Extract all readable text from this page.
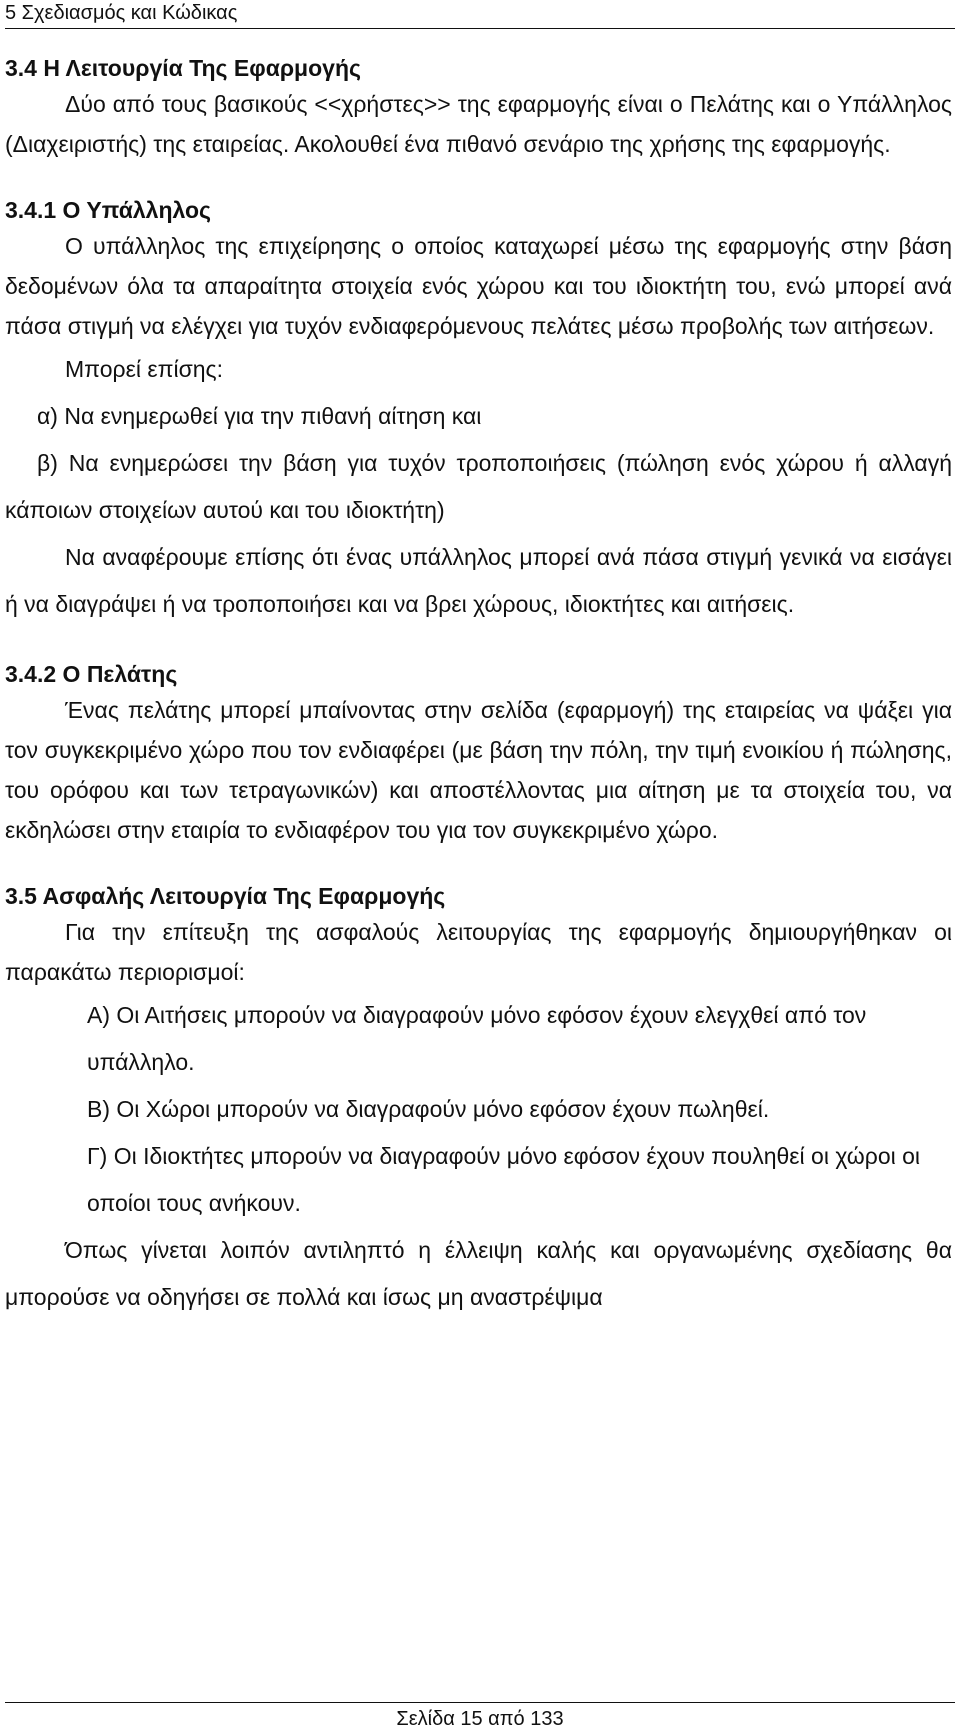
5 Σχεδιασμός και Κώδικας
3.4 Η Λειτουργία Της Εφαρμογής

Δύο από τους βασικούς <<χρήστες>> της εφαρμογής είναι ο Πελάτης και ο Υπάλληλος (Διαχειριστής) της εταιρείας. Ακολουθεί ένα πιθανό σενάριο της χρήσης της εφαρμογής.

3.4.1 Ο Υπάλληλος

Ο υπάλληλος της επιχείρησης ο οποίος καταχωρεί μέσω της εφαρμογής στην βάση δεδομένων όλα τα απαραίτητα στοιχεία ενός χώρου και του ιδιοκτήτη του, ενώ μπορεί ανά πάσα στιγμή να ελέγχει για τυχόν ενδιαφερόμενους πελάτες μέσω προβολής των αιτήσεων.

Μπορεί επίσης:

α) Να ενημερωθεί για την πιθανή αίτηση και

β) Να ενημερώσει την βάση για τυχόν τροποποιήσεις (πώληση ενός χώρου ή αλλαγή κάποιων στοιχείων αυτού και του ιδιοκτήτη)

Να αναφέρουμε επίσης ότι ένας υπάλληλος μπορεί ανά πάσα στιγμή γενικά να εισάγει ή να διαγράψει ή να τροποποιήσει και να βρει χώρους, ιδιοκτήτες και αιτήσεις.

3.4.2 Ο Πελάτης

Ένας πελάτης μπορεί μπαίνοντας στην σελίδα (εφαρμογή) της εταιρείας να ψάξει για τον συγκεκριμένο χώρο που τον ενδιαφέρει (με βάση την πόλη, την τιμή ενοικίου ή πώλησης, του ορόφου και των τετραγωνικών) και αποστέλλοντας μια αίτηση με τα στοιχεία του, να εκδηλώσει στην εταιρία το ενδιαφέρον του για τον συγκεκριμένο χώρο.

3.5 Ασφαλής Λειτουργία Της Εφαρμογής

Για την επίτευξη της ασφαλούς λειτουργίας της εφαρμογής δημιουργήθηκαν οι παρακάτω περιορισμοί:

Α) Οι Αιτήσεις μπορούν να διαγραφούν μόνο εφόσον έχουν ελεγχθεί από τον υπάλληλο.

Β) Οι Χώροι μπορούν να διαγραφούν μόνο εφόσον έχουν πωληθεί.

Γ) Οι Ιδιοκτήτες μπορούν να διαγραφούν μόνο εφόσον έχουν πουληθεί οι χώροι οι οποίοι τους ανήκουν.

Όπως γίνεται λοιπόν αντιληπτό η έλλειψη καλής και οργανωμένης σχεδίασης θα μπορούσε να οδηγήσει σε πολλά και ίσως μη αναστρέψιμα

Σελίδα 15 από 133
